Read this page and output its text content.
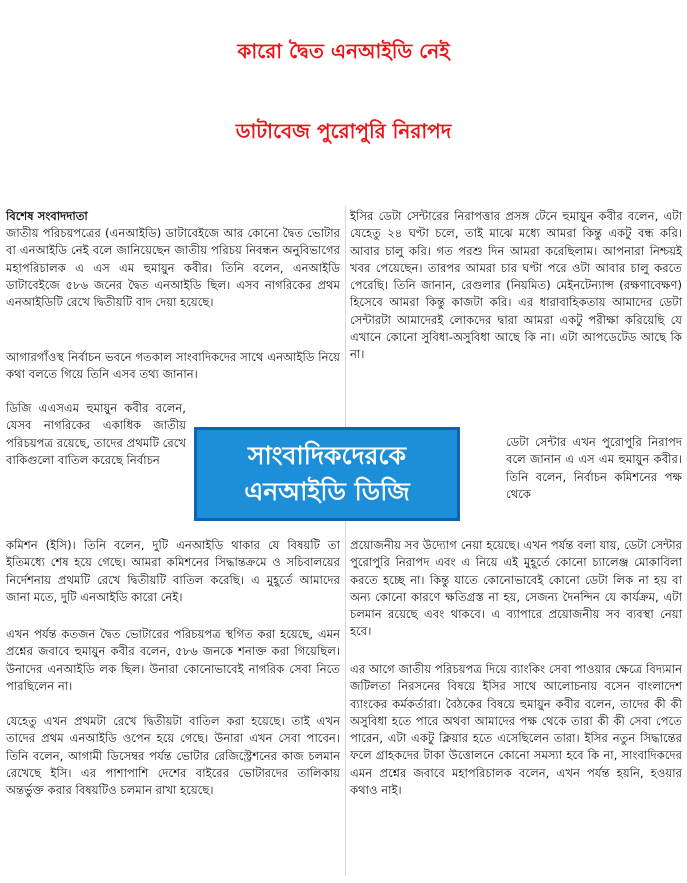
কারো দ্বৈত এনআইডি নেই
ডাটাবেজ পুরোপুরি নিরাপদ

বিশেষ সংবাদদাতা

জাতীয় পরিচয়পত্রের (এনআইডি) ডাটাবেইজে আর কোনো দ্বৈত ভোটার বা এনআইডি নেই বলে জানিয়েছেন জাতীয় পরিচয় নিবন্ধন অনুবিভাগের মহাপরিচালক এ এস এম হুমায়ুন কবীর। তিনি বলেন, এনআইডি ডাটাবেইজে ৫৮৬ জনের দ্বৈত এনআইডি ছিল। এসব নাগরিকের প্রথম এনআইডিটি রেখে দ্বিতীয়টি বাদ দেয়া হয়েছে।

আগারগাঁওস্থ নির্বাচন ভবনে গতকাল সাংবাদিকদের সাথে এনআইডি নিয়ে কথা বলতে গিয়ে তিনি এসব তথ্য জানান।

ডিজি এএসএম হুমায়ুন কবীর বলেন, যেসব নাগরিকের একাধিক জাতীয় পরিচয়পত্র রয়েছে, তাদের প্রথমটি রেখে বাকিগুলো বাতিল করেছে নির্বাচন

কমিশন (ইসি)। তিনি বলেন, দুটি এনআইডি থাকার যে বিষয়টি তা ইতিমধ্যে শেষ হয়ে গেছে। আমরা কমিশনের সিদ্ধান্তক্রমে ও সচিবালয়ের নির্দেশনায় প্রথমটি রেখে দ্বিতীয়টি বাতিল করেছি। এ মুহূর্তে আমাদের জানা মতে, দুটি এনআইডি কারো নেই।

এখন পর্যন্ত কতজন দ্বৈত ভোটারের পরিচয়পত্র স্থগিত করা হয়েছে, এমন প্রশ্নের জবাবে হুমায়ুন কবীর বলেন, ৫৮৬ জনকে শনাক্ত করা গিয়েছিল। উনাদের এনআইডি লক ছিল। উনারা কোনোভাবেই নাগরিক সেবা নিতে পারছিলেন না।

যেহেতু এখন প্রথমটা রেখে দ্বিতীয়টা বাতিল করা হয়েছে। তাই এখন তাদের প্রথম এনআইডি ওপেন হয়ে গেছে। উনারা এখন সেবা পাবেন। তিনি বলেন, আগামী ডিসেম্বর পর্যন্ত ভোটার রেজিস্ট্রেশনের কাজ চলমান রেখেছে ইসি। এর পাশাপাশি দেশের বাইরের ভোটারদের তালিকায় অন্তর্ভুক্ত করার বিষয়টিও চলমান রাখা হয়েছে।

ইসির ডেটা সেন্টারের নিরাপত্তার প্রসঙ্গ টেনে হুমায়ুন কবীর বলেন, এটা যেহেতু ২৪ ঘণ্টা চলে, তাই মাঝে মধ্যে আমরা কিন্তু একটু বন্ধ করি। আবার চালু করি। গত পরশু দিন আমরা করেছিলাম। আপনারা নিশ্চয়ই খবর পেয়েছেন। তারপর আমরা চার ঘণ্টা পরে ওটা আবার চালু করতে পেরেছি। তিনি জানান, রেগুলার (নিয়মিত) মেইনটেন্যান্স (রক্ষণাবেক্ষণ) হিসেবে আমরা কিন্তু কাজটা করি। এর ধারাবাহিকতায় আমাদের ডেটা সেন্টারটা আমাদেরই লোকদের দ্বারা আমরা একটু পরীক্ষা করিয়েছি যে এখানে কোনো সুবিধা-অসুবিধা আছে কি না। এটা আপডেটেড আছে কি না।

ডেটা সেন্টার এখন পুরোপুরি নিরাপদ বলে জানান এ এস এম হুমায়ুন কবীর। তিনি বলেন, নির্বাচন কমিশনের পক্ষ থেকে

প্রয়োজনীয় সব উদ্যোগ নেয়া হয়েছে। এখন পর্যন্ত বলা যায়, ডেটা সেন্টার পুরোপুরি নিরাপদ এবং এ নিয়ে এই মুহূর্তে কোনো চ্যালেঞ্জ মোকাবিলা করতে হচ্ছে না। কিন্তু যাতে কোনোভাবেই কোনো ডেটা লিক না হয় বা অন্য কোনো কারণে ক্ষতিগ্রস্ত না হয়, সেজন্য দৈনন্দিন যে কার্যক্রম, এটা চলমান রয়েছে এবং থাকবে। এ ব্যাপারে প্রয়োজনীয় সব ব্যবস্থা নেয়া হবে।

এর আগে জাতীয় পরিচয়পত্র দিয়ে ব্যাংকিং সেবা পাওয়ার ক্ষেত্রে বিদ্যমান জটিলতা নিরসনের বিষয়ে ইসির সাথে আলোচনায় বসেন বাংলাদেশ ব্যাংকের কর্মকর্তারা। বৈঠকের বিষয়ে হুমায়ুন কবীর বলেন, তাদের কী কী অসুবিধা হতে পারে অথবা আমাদের পক্ষ থেকে তারা কী কী সেবা পেতে পারেন, এটা একটু ক্লিয়ার হতে এসেছিলেন তারা। ইসির নতুন সিদ্ধান্তের ফলে গ্রাহকদের টাকা উত্তোলনে কোনো সমস্যা হবে কি না, সাংবাদিকদের এমন প্রশ্নের জবাবে মহাপরিচালক বলেন, এখন পর্যন্ত হয়নি, হওয়ার কথাও নাই।

সাংবাদিকদেরকে এনআইডি ডিজি
